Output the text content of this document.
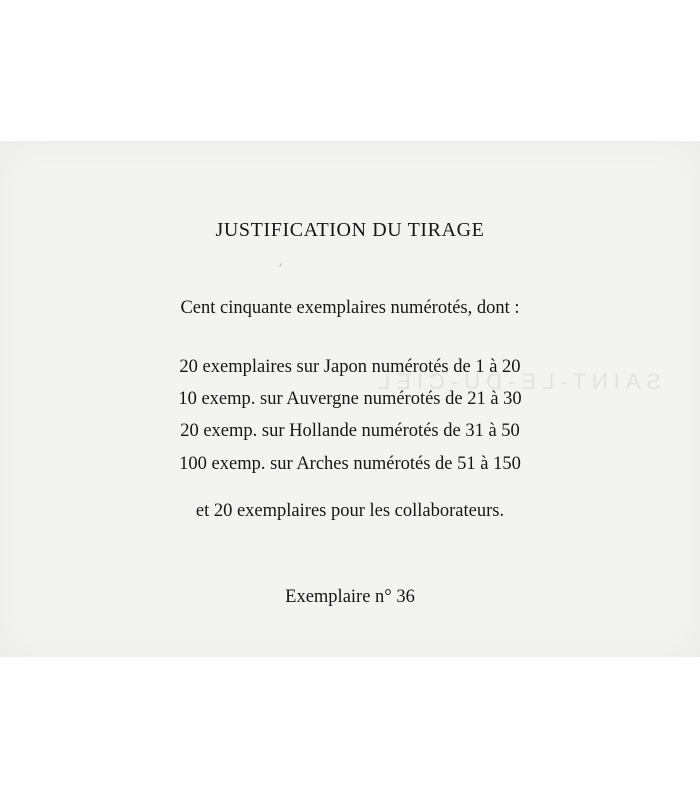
SAINT-LE-DU-CIEL
JUSTIFICATION DU TIRAGE
Cent cinquante exemplaires numérotés, dont :
20 exemplaires sur Japon numérotés de 1 à 20
10 exemp. sur Auvergne numérotés de 21 à 30
20 exemp. sur Hollande numérotés de 31 à 50
100 exemp. sur Arches numérotés de 51 à 150
et 20 exemplaires pour les collaborateurs.
Exemplaire n° 36
